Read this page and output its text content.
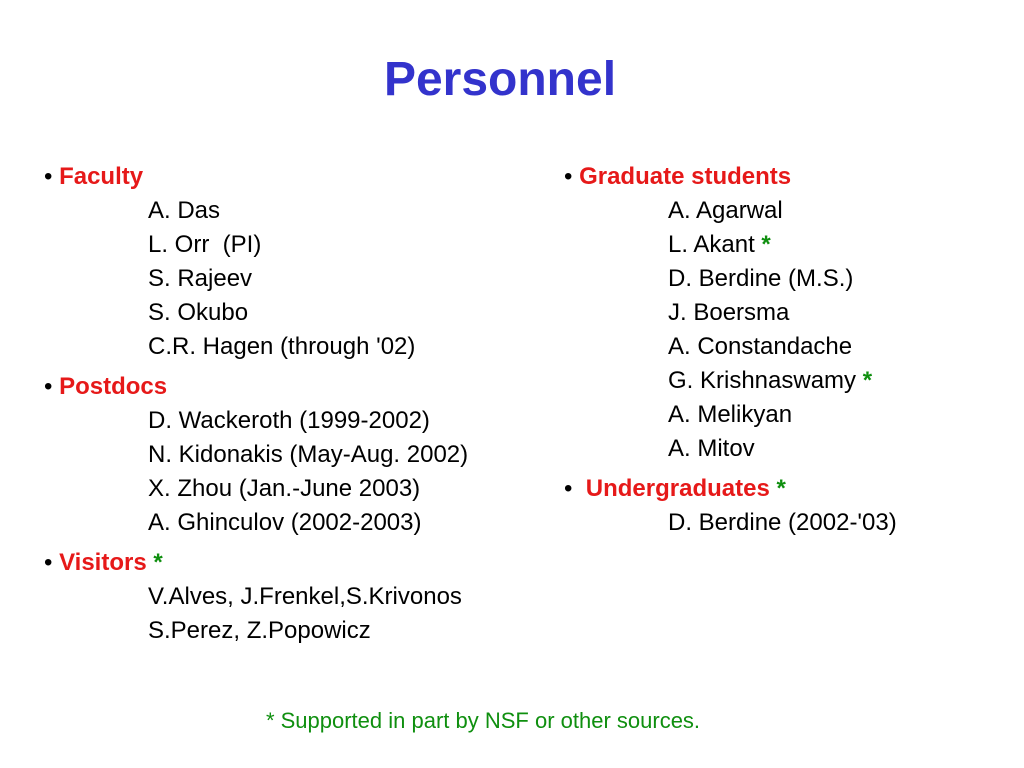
Personnel
• Faculty
A. Das
L. Orr  (PI)
S. Rajeev
S. Okubo
C.R. Hagen (through '02)
• Postdocs
D. Wackeroth (1999-2002)
N. Kidonakis (May-Aug. 2002)
X. Zhou (Jan.-June 2003)
A. Ghinculov (2002-2003)
• Visitors *
V.Alves, J.Frenkel,S.Krivonos
S.Perez, Z.Popowicz
• Graduate students
A. Agarwal
L. Akant *
D. Berdine (M.S.)
J. Boersma
A. Constandache
G. Krishnaswamy *
A. Melikyan
A. Mitov
• Undergraduates *
D. Berdine (2002-'03)
* Supported in part by NSF or other sources.
